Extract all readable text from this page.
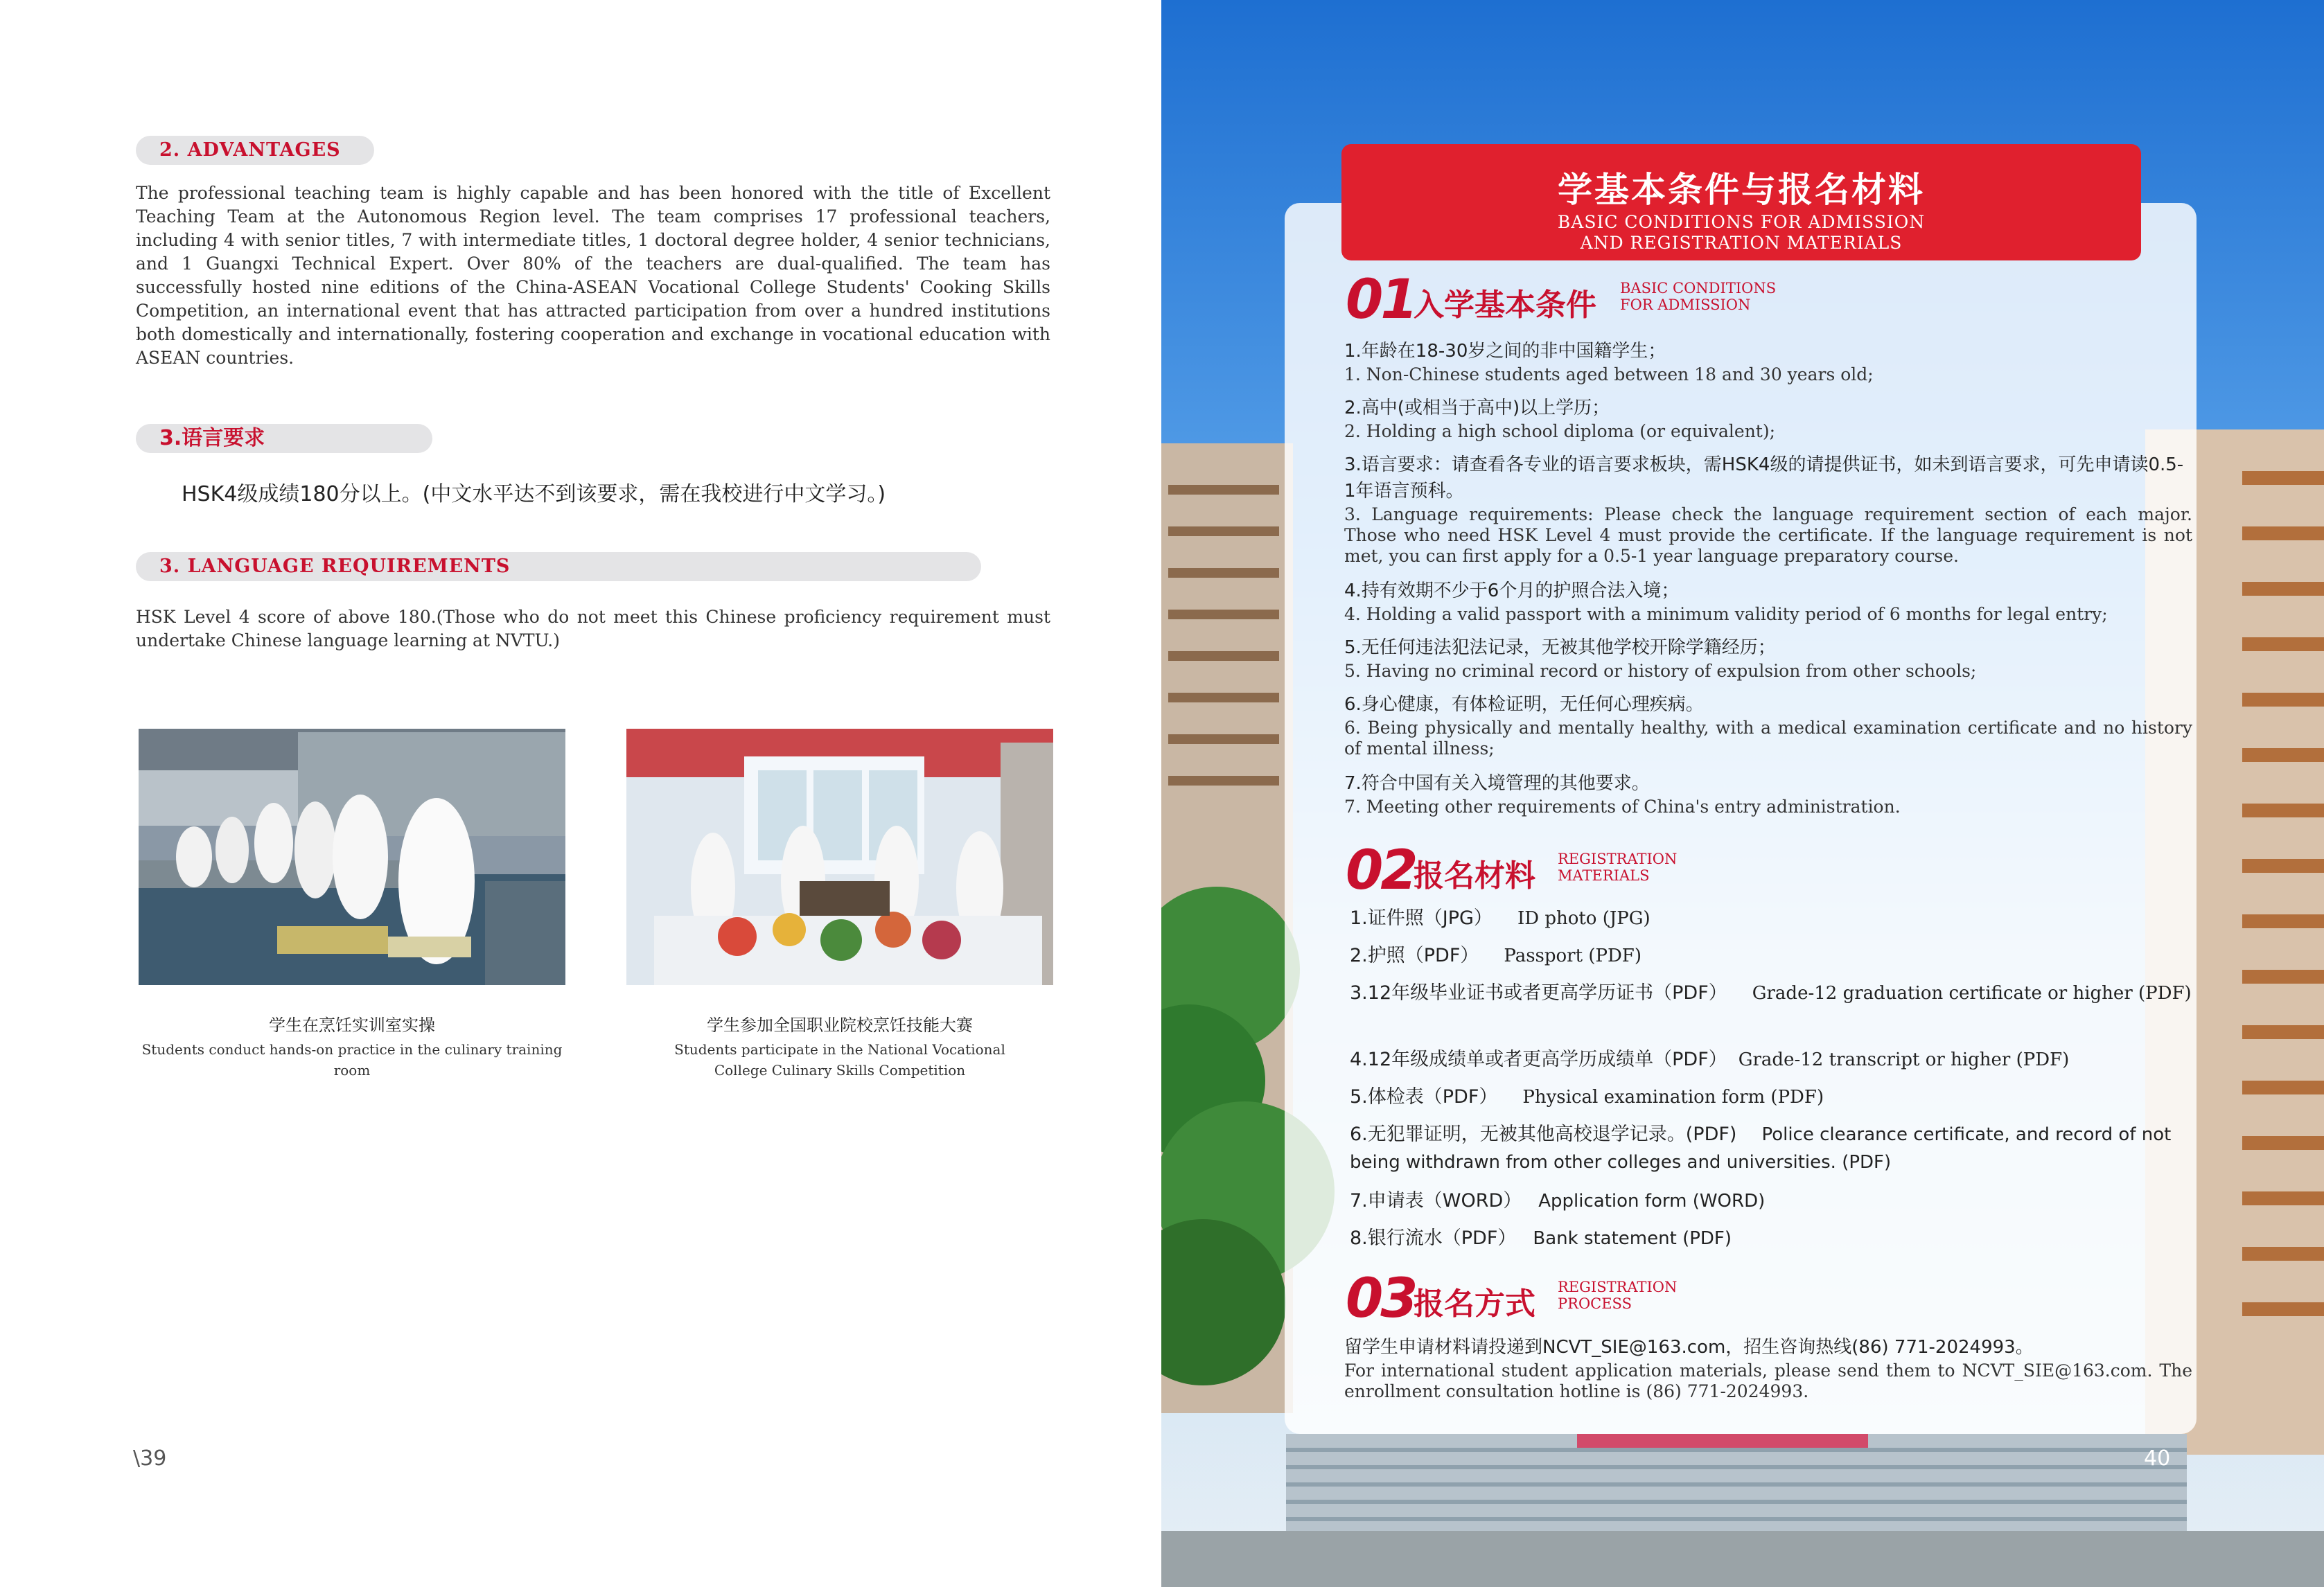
2. ADVANTAGES
The professional teaching team is highly capable and has been honored with the title of Excellent Teaching Team at the Autonomous Region level. The team comprises 17 professional teachers, including 4 with senior titles, 7 with intermediate titles, 1 doctoral degree holder, 4 senior technicians, and 1 Guangxi Technical Expert. Over 80% of the teachers are dual-qualified. The team has successfully hosted nine editions of the China-ASEAN Vocational College Students' Cooking Skills Competition, an international event that has attracted participation from over a hundred institutions both domestically and internationally, fostering cooperation and exchange in vocational education with ASEAN countries.
3.语言要求
HSK4级成绩180分以上。(中文水平达不到该要求，需在我校进行中文学习。)
3. LANGUAGE REQUIREMENTS
HSK Level 4 score of above 180.(Those who do not meet this Chinese proficiency requirement must undertake Chinese language learning at NVTU.)
学生在烹饪实训室实操
Students conduct hands-on practice in the culinary training room
学生参加全国职业院校烹饪技能大赛
Students participate in the National Vocational College Culinary Skills Competition
\39
学基本条件与报名材料
BASIC CONDITIONS FOR ADMISSION AND REGISTRATION MATERIALS
01
入学基本条件 BASIC CONDITIONS FOR ADMISSION
1.年龄在18-30岁之间的非中国籍学生；
1. Non-Chinese students aged between 18 and 30 years old;
2.高中(或相当于高中)以上学历；
2. Holding a high school diploma (or equivalent);
3.语言要求：请查看各专业的语言要求板块，需HSK4级的请提供证书，如未到语言要求，可先申请读0.5-1年语言预科。
3. Language requirements: Please check the language requirement section of each major. Those who need HSK Level 4 must provide the certificate. If the language requirement is not met, you can first apply for a 0.5-1 year language preparatory course.
4.持有效期不少于6个月的护照合法入境；
4. Holding a valid passport with a minimum validity period of 6 months for legal entry;
5.无任何违法犯法记录，无被其他学校开除学籍经历；
5. Having no criminal record or history of expulsion from other schools;
6.身心健康，有体检证明，无任何心理疾病。
6. Being physically and mentally healthy, with a medical examination certificate and no history of mental illness;
7.符合中国有关入境管理的其他要求。
7. Meeting other requirements of China's entry administration.
02
报名材料 REGISTRATION MATERIALS
1.证件照（JPG） ID photo (JPG)
2.护照（PDF） Passport (PDF)
3.12年级毕业证书或者更高学历证书（PDF） Grade-12 graduation certificate or higher (PDF)
4.12年级成绩单或者更高学历成绩单（PDF） Grade-12 transcript or higher (PDF)
5.体检表（PDF） Physical examination form (PDF)
6.无犯罪证明，无被其他高校退学记录。(PDF) Police clearance certificate, and record of not being withdrawn from other colleges and universities. (PDF)
7.申请表（WORD） Application form (WORD)
8.银行流水（PDF） Bank statement (PDF)
03
报名方式 REGISTRATION PROCESS
留学生申请材料请投递到NCVT_SIE@163.com，招生咨询热线(86) 771-2024993。
For international student application materials, please send them to NCVT_SIE@163.com. The enrollment consultation hotline is (86) 771-2024993.
40
